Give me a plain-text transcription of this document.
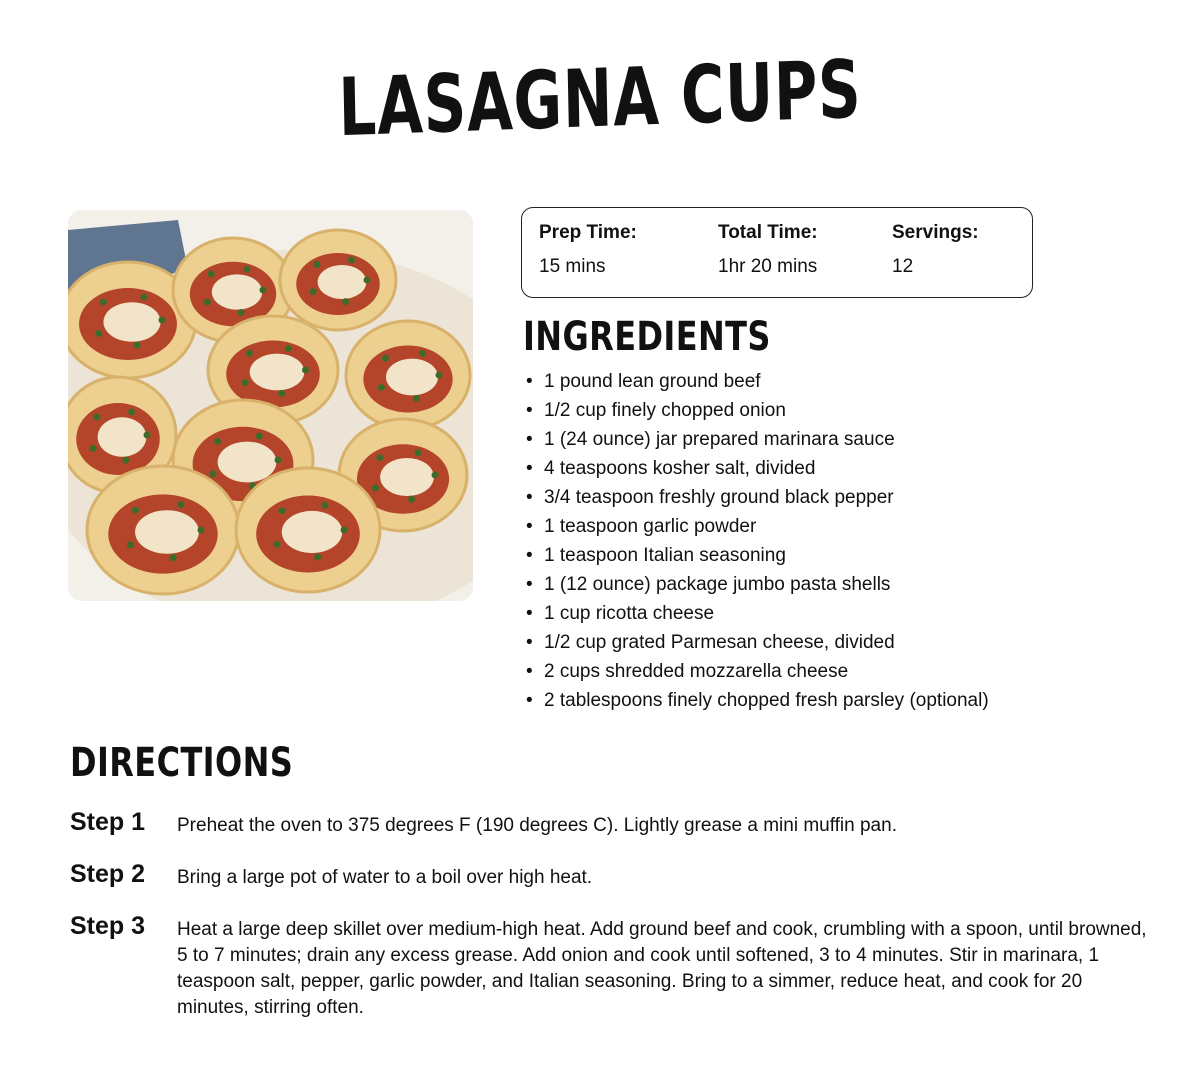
LASAGNA CUPS
Prep Time:
15 mins
Total Time:
1hr 20 mins
Servings:
12
INGREDIENTS
• 1 pound lean ground beef
• 1/2 cup finely chopped onion
• 1 (24 ounce) jar prepared marinara sauce
• 4 teaspoons kosher salt, divided
• 3/4 teaspoon freshly ground black pepper
• 1 teaspoon garlic powder
• 1 teaspoon Italian seasoning
• 1 (12 ounce) package jumbo pasta shells
• 1 cup ricotta cheese
• 1/2 cup grated Parmesan cheese, divided
• 2 cups shredded mozzarella cheese
• 2 tablespoons finely chopped fresh parsley (optional)
DIRECTIONS
Step 1 Preheat the oven to 375 degrees F (190 degrees C). Lightly grease a mini muffin pan.
Step 2 Bring a large pot of water to a boil over high heat.
Step 3 Heat a large deep skillet over medium-high heat. Add ground beef and cook, crumbling with a spoon, until browned, 5 to 7 minutes; drain any excess grease. Add onion and cook until softened, 3 to 4 minutes. Stir in marinara, 1 teaspoon salt, pepper, garlic powder, and Italian seasoning. Bring to a simmer, reduce heat, and cook for 20 minutes, stirring often.
